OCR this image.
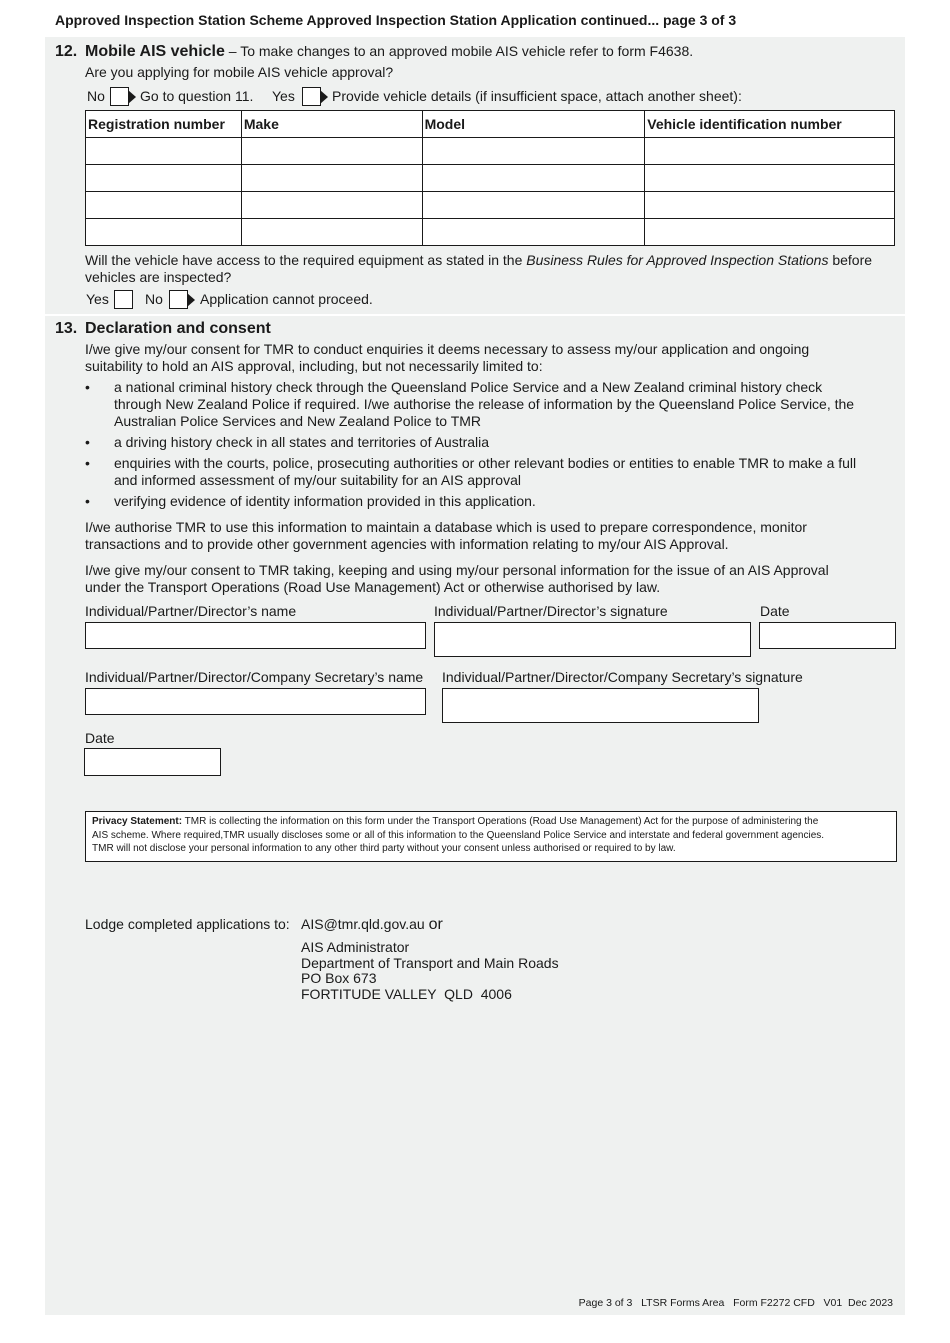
Approved Inspection Station Scheme Approved Inspection Station Application continued... page 3 of 3
12. Mobile AIS vehicle – To make changes to an approved mobile AIS vehicle refer to form F4638.
Are you applying for mobile AIS vehicle approval?
No	Go to question 11. Yes	Provide vehicle details (if insufficient space, attach another sheet):
Registration number	Make	Model	Vehicle identification number

Will the vehicle have access to the required equipment as stated in the Business Rules for Approved Inspection Stations before
vehicles are inspected?
Yes	No	Application cannot proceed.
13. Declaration and consent
I/we give my/our consent for TMR to conduct enquiries it deems necessary to assess my/our application and ongoing
suitability to hold an AIS approval, including, but not necessarily limited to:
• a national criminal history check through the Queensland Police Service and a New Zealand criminal history check
through New Zealand Police if required. I/we authorise the release of information by the Queensland Police Service, the
Australian Police Services and New Zealand Police to TMR
• a driving history check in all states and territories of Australia
• enquiries with the courts, police, prosecuting authorities or other relevant bodies or entities to enable TMR to make a full
and informed assessment of my/our suitability for an AIS approval
• verifying evidence of identity information provided in this application.
I/we authorise TMR to use this information to maintain a database which is used to prepare correspondence, monitor
transactions and to provide other government agencies with information relating to my/our AIS Approval.
I/we give my/our consent to TMR taking, keeping and using my/our personal information for the issue of an AIS Approval
under the Transport Operations (Road Use Management) Act or otherwise authorised by law.
Individual/Partner/Director’s name	Individual/Partner/Director’s signature	Date
Individual/Partner/Director/Company Secretary’s name Individual/Partner/Director/Company Secretary’s signature
Date
Privacy Statement: TMR is collecting the information on this form under the Transport Operations (Road Use Management) Act for the purpose of administering the
AIS scheme. Where required,TMR usually discloses some or all of this information to the Queensland Police Service and interstate and federal government agencies.
TMR will not disclose your personal information to any other third party without your consent unless authorised or required to by law.
Lodge completed applications to: AIS@tmr.qld.gov.au or
AIS Administrator
Department of Transport and Main Roads
PO Box 673
FORTITUDE VALLEY  QLD  4006
Page 3 of 3   LTSR Forms Area   Form F2272 CFD   V01  Dec 2023
